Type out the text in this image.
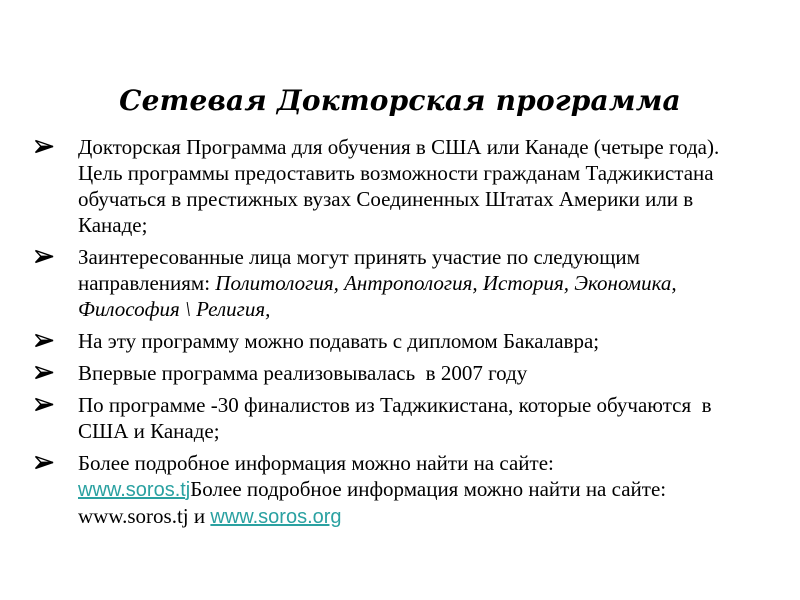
Сетевая Докторская программа
Докторская Программа для обучения в США или Канаде (четыре года).  Цель программы предоставить возможности гражданам Таджикистана обучаться в престижных вузах Соединенных Штатах Америки или в  Канаде;
Заинтересованные лица могут принять участие по следующим направлениям: Политология, Антропология, История, Экономика, Философия \ Религия,
На эту программу можно подавать с дипломом Бакалавра;
Впервые программа реализовывалась  в 2007 году
По программе -30 финалистов из Таджикистана, которые обучаются  в США и Канаде;
Более подробное информация можно найти на сайте:
www.soros.tjБолее подробное информация можно найти на сайте: www.soros.tj и www.soros.org
